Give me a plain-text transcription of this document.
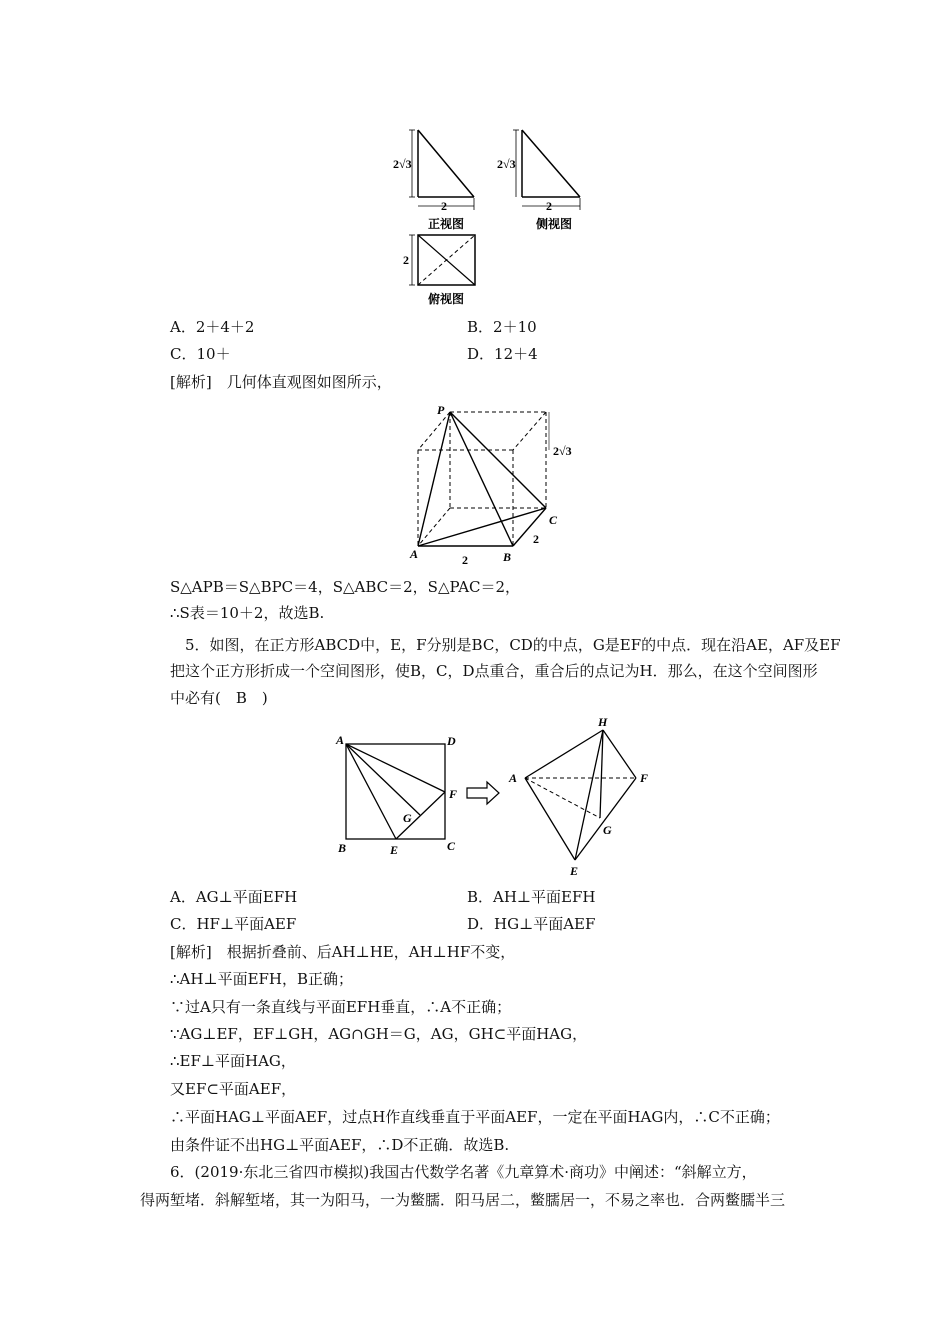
2√3
2
正视图
2√3
2
侧视图
2
俯视图
A．2＋4＋2	B．2＋10
C．10＋	D．12＋4
[解析]　几何体直观图如图所示，
P
A	B
C
2√3
2
2
S△APB＝S△BPC＝4，S△ABC＝2，S△PAC＝2，
∴S表＝10＋2，故选B.
5．如图，在正方形ABCD中，E，F分别是BC，CD的中点，G是EF的中点．现在沿AE，AF及EF
把这个正方形折成一个空间图形，使B，C，D点重合，重合后的点记为H．那么，在这个空间图形
中必有(　B　)
A	D
F
G
B	E	C
H
A	F
G
E
A．AG⊥平面EFH	B．AH⊥平面EFH
C．HF⊥平面AEF	D．HG⊥平面AEF
[解析]　根据折叠前、后AH⊥HE，AH⊥HF不变，
∴AH⊥平面EFH，B正确；
∵过A只有一条直线与平面EFH垂直，∴A不正确；
∵AG⊥EF，EF⊥GH，AG∩GH＝G，AG，GH⊂平面HAG，
∴EF⊥平面HAG，
又EF⊂平面AEF，
∴平面HAG⊥平面AEF，过点H作直线垂直于平面AEF，一定在平面HAG内，∴C不正确；
由条件证不出HG⊥平面AEF，∴D不正确．故选B.
6．(2019·东北三省四市模拟)我国古代数学名著《九章算术·商功》中阐述：“斜解立方，
得两堑堵．斜解堑堵，其一为阳马，一为鳖臑．阳马居二，鳖臑居一，不易之率也．合两鳖臑半三
